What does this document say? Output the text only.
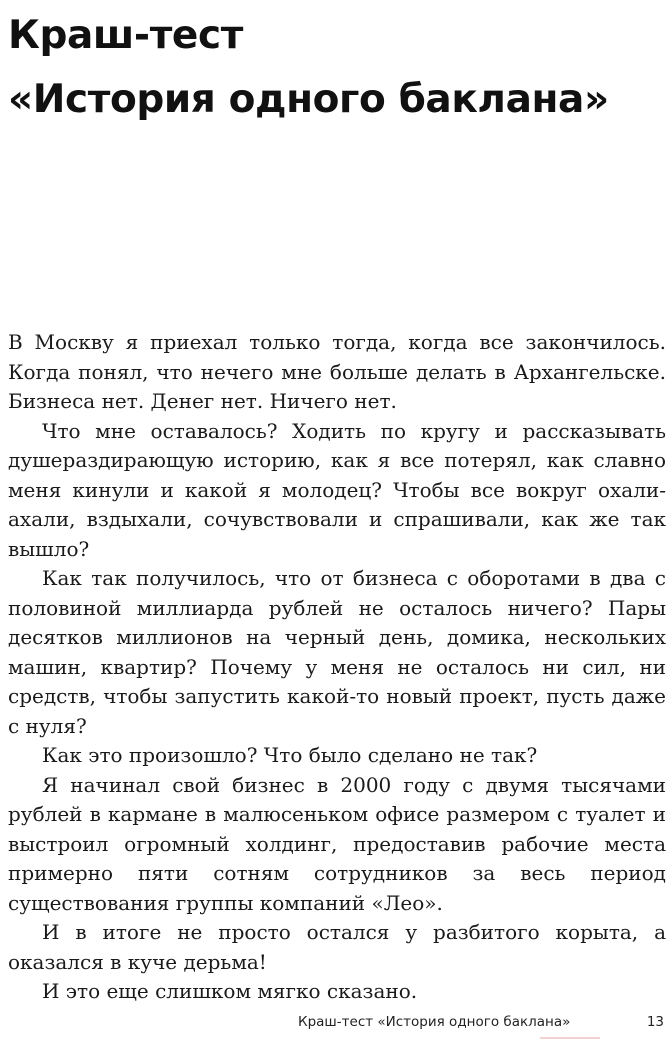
Краш-тест
«История одного баклана»

В Москву я приехал только тогда, когда все закончилось. Когда понял, что нечего мне больше делать в Архангельске. Бизнеса нет. Денег нет. Ничего нет.

Что мне оставалось? Ходить по кругу и рассказывать душераздирающую историю, как я все потерял, как славно меня кинули и какой я молодец? Чтобы все вокруг охали-ахали, вздыхали, сочувствовали и спрашивали, как же так вышло?

Как так получилось, что от бизнеса с оборотами в два с половиной миллиарда рублей не осталось ничего? Пары десятков миллионов на черный день, домика, нескольких машин, квартир? Почему у меня не осталось ни сил, ни средств, чтобы запустить какой-то новый проект, пусть даже с нуля?

Как это произошло? Что было сделано не так?

Я начинал свой бизнес в 2000 году с двумя тысячами рублей в кармане в малюсеньком офисе размером с туалет и выстроил огромный холдинг, предоставив рабочие места примерно пяти сотням сотрудников за весь период существования группы компаний «Лео».

И в итоге не просто остался у разбитого корыта, а оказался в куче дерьма!

И это еще слишком мягко сказано.

Краш-тест «История одного баклана»	13
